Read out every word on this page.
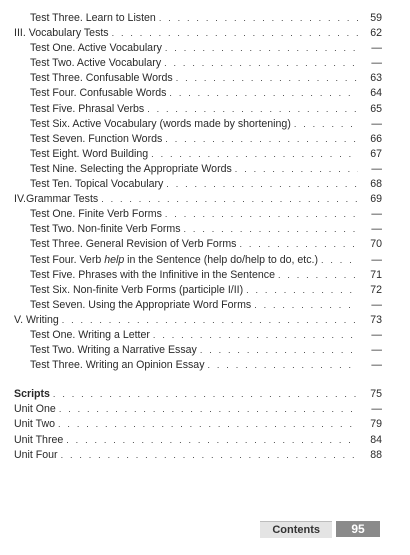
Test Three. Learn to Listen . . .	59
III. Vocabulary Tests . . .	62
Test One. Active Vocabulary . . .	—
Test Two. Active Vocabulary . . .	—
Test Three. Confusable Words . . .	63
Test Four. Confusable Words . . .	64
Test Five. Phrasal Verbs . . .	65
Test Six. Active Vocabulary (words made by shortening) . . .	—
Test Seven. Function Words . . .	66
Test Eight. Word Building . . .	67
Test Nine. Selecting the Appropriate Words . . .	—
Test Ten. Topical Vocabulary . . .	68
IV.Grammar Tests . . .	69
Test One. Finite Verb Forms . . .	—
Test Two. Non-finite Verb Forms . . .	—
Test Three. General Revision of Verb Forms . . .	70
Test Four. Verb help in the Sentence (help do/help to do, etc.) . . .	—
Test Five. Phrases with the Infinitive in the Sentence . . .	71
Test Six. Non-finite Verb Forms (participle I/II) . . .	72
Test Seven. Using the Appropriate Word Forms . . .	—
V. Writing . . .	73
Test One. Writing a Letter . . .	—
Test Two. Writing a Narrative Essay . . .	—
Test Three. Writing an Opinion Essay . . .	—
Scripts . . .	75
Unit One . . .	—
Unit Two . . .	79
Unit Three . . .	84
Unit Four . . .	88
Contents	95
